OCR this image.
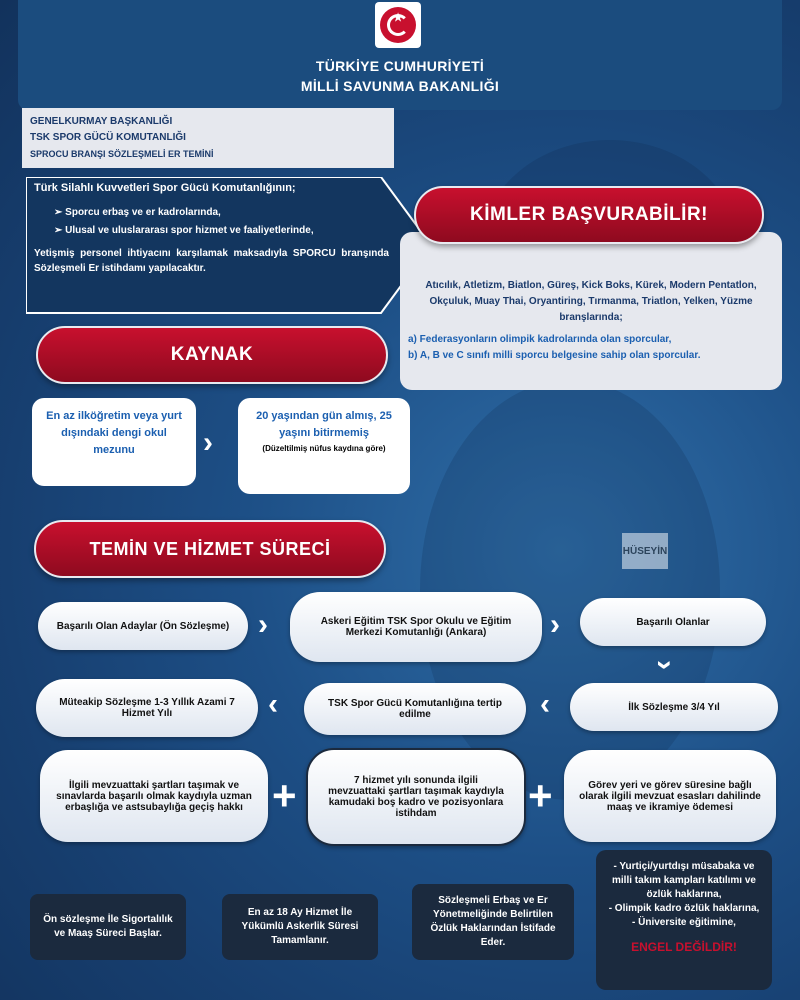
HÜSEYİN
★
TÜRKİYE CUMHURİYETİ
MİLLİ SAVUNMA BAKANLIĞI
GENELKURMAY BAŞKANLIĞI
TSK SPOR GÜCÜ KOMUTANLIĞI
SPROCU BRANŞI SÖZLEŞMELİ ER TEMİNİ
Türk Silahlı Kuvvetleri Spor Gücü Komutanlığının;
➢ Sporcu erbaş ve er kadrolarında,
➢ Ulusal ve uluslararası spor hizmet ve faaliyetlerinde,
Yetişmiş personel ihtiyacını karşılamak maksadıyla SPORCU branşında Sözleşmeli Er istihdamı yapılacaktır.
Atıcılık, Atletizm, Biatlon, Güreş, Kick Boks, Kürek, Modern Pentatlon, Okçuluk, Muay Thai, Oryantiring, Tırmanma, Triatlon, Yelken, Yüzme branşlarında;
a) Federasyonların olimpik kadrolarında olan sporcular,
b) A, B ve C sınıfı milli sporcu belgesine sahip olan sporcular.
KİMLER BAŞVURABİLİR!
KAYNAK
En az ilköğretim veya yurt dışındaki dengi okul mezunu	›
20 yaşından gün almış, 25 yaşını bitirmemiş
(Düzeltilmiş nüfus kaydına göre)
TEMİN VE HİZMET SÜRECİ
Başarılı Olan Adaylar (Ön Sözleşme) ›	Askeri Eğitim TSK Spor Okulu ve Eğitim Merkezi Komutanlığı (Ankara)	›	Başarılı Olanlar
›
İlk Sözleşme 3/4 Yıl
›
TSK Spor Gücü Komutanlığına tertip edilme
›
Müteakip Sözleşme 1-3 Yıllık Azami 7 Hizmet Yılı
İlgili mevzuattaki şartları taşımak ve sınavlarda başarılı olmak kaydıyla uzman erbaşlığa ve astsubaylığa geçiş hakkı +	7 hizmet yılı sonunda ilgili mevzuattaki şartları taşımak kaydıyla kamudaki boş kadro ve pozisyonlara istihdam	+	Görev yeri ve görev süresine bağlı olarak ilgili mevzuat esasları dahilinde maaş ve ikramiye ödemesi
Ön sözleşme İle Sigortalılık ve Maaş Süreci Başlar.
En az 18 Ay Hizmet İle Yükümlü Askerlik Süresi Tamamlanır.
Sözleşmeli Erbaş ve Er Yönetmeliğinde Belirtilen Özlük Haklarından İstifade Eder.
- Yurtiçi/yurtdışı müsabaka ve milli takım kampları katılımı ve özlük haklarına,
- Olimpik kadro özlük haklarına,
- Üniversite eğitimine,
ENGEL DEĞİLDİR!
